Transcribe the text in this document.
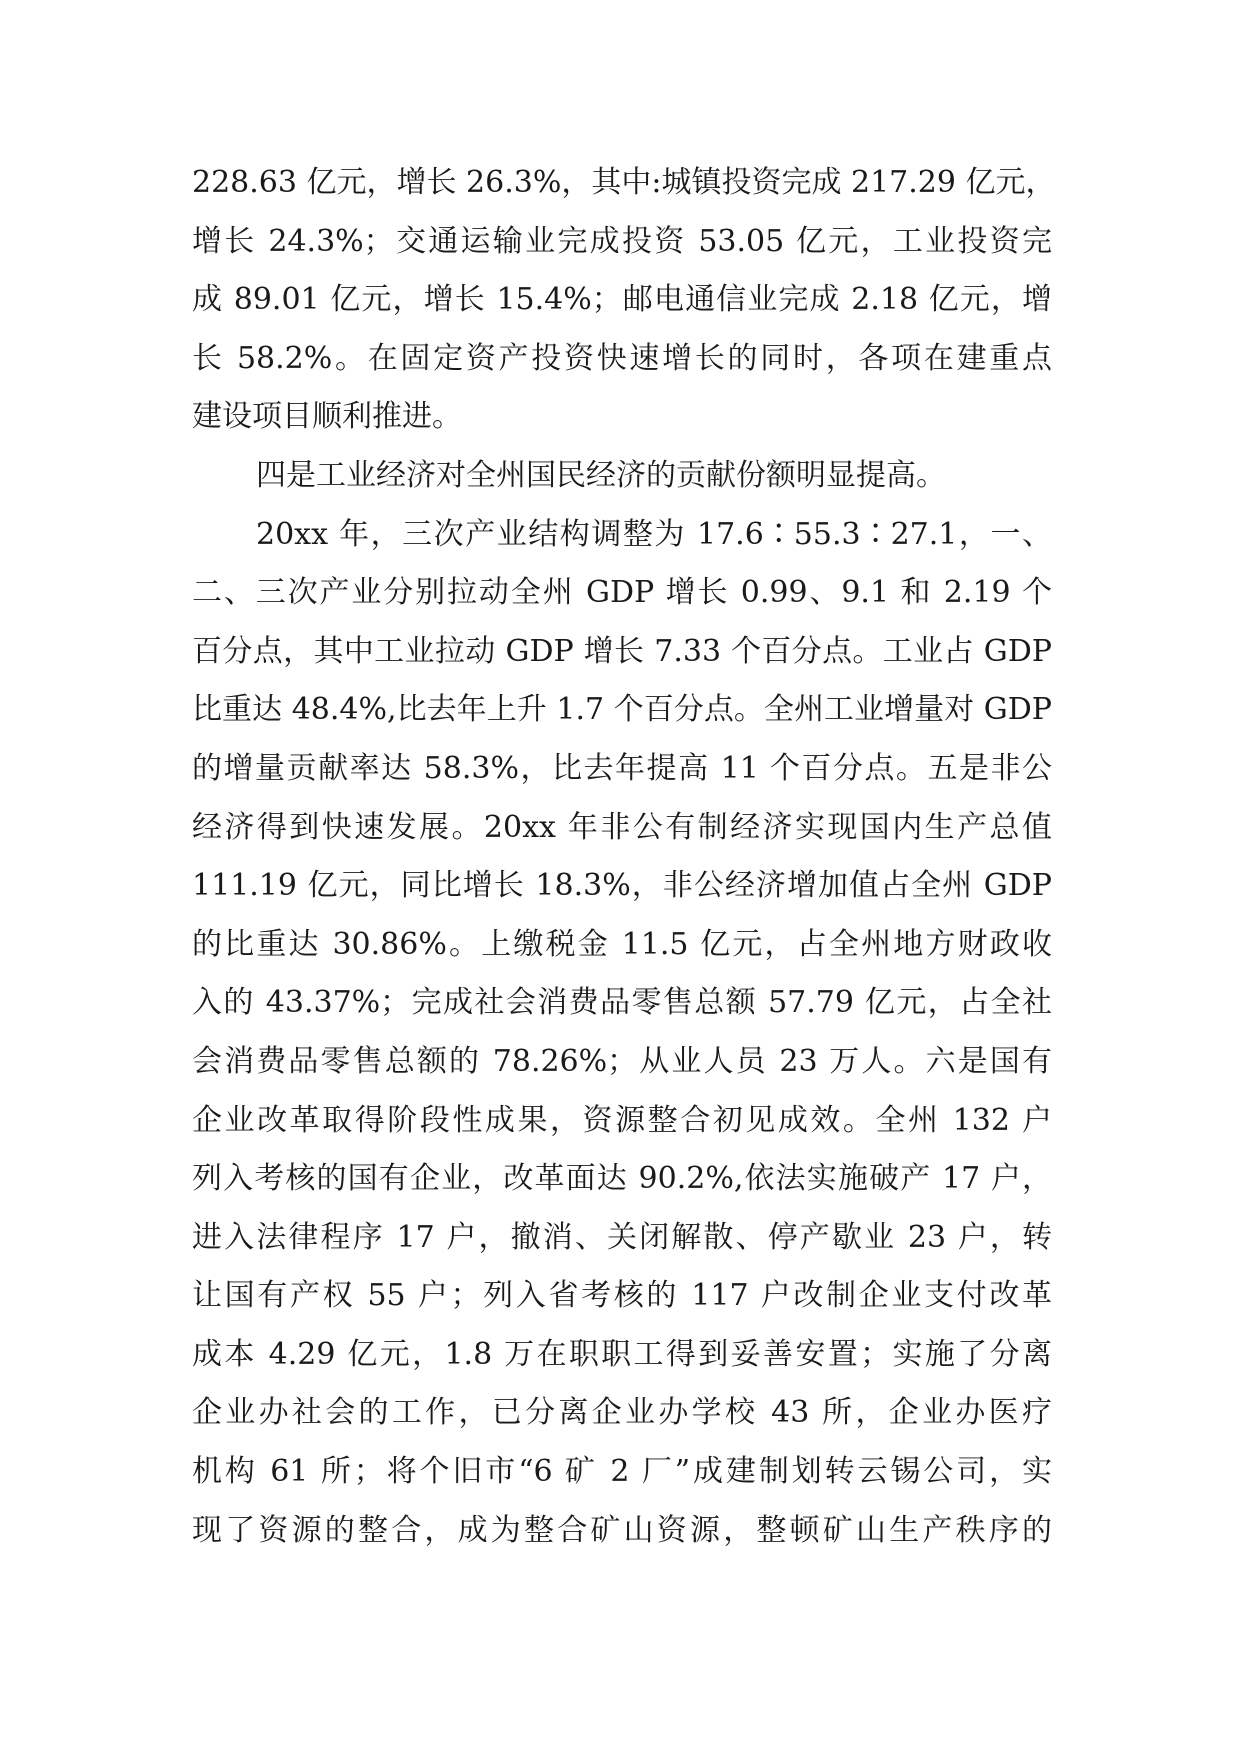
228.63 亿元，增长 26.3%，其中:城镇投资完成 217.29 亿元，
增长 24.3%；交通运输业完成投资 53.05 亿元，工业投资完
成 89.01 亿元，增长 15.4%；邮电通信业完成 2.18 亿元，增
长 58.2%。在固定资产投资快速增长的同时，各项在建重点
建设项目顺利推进。
四是工业经济对全州国民经济的贡献份额明显提高。
20xx 年，三次产业结构调整为 17.6∶55.3∶27.1，一、
二、三次产业分别拉动全州 GDP 增长 0.99、9.1 和 2.19 个
百分点，其中工业拉动 GDP 增长 7.33 个百分点。工业占 GDP
比重达 48.4%,比去年上升 1.7 个百分点。全州工业增量对 GDP
的增量贡献率达 58.3%，比去年提高 11 个百分点。五是非公
经济得到快速发展。20xx 年非公有制经济实现国内生产总值
111.19 亿元，同比增长 18.3%，非公经济增加值占全州 GDP
的比重达 30.86%。上缴税金 11.5 亿元，占全州地方财政收
入的 43.37%；完成社会消费品零售总额 57.79 亿元，占全社
会消费品零售总额的 78.26%；从业人员 23 万人。六是国有
企业改革取得阶段性成果，资源整合初见成效。全州 132 户
列入考核的国有企业，改革面达 90.2%,依法实施破产 17 户，
进入法律程序 17 户，撤消、关闭解散、停产歇业 23 户，转
让国有产权 55 户；列入省考核的 117 户改制企业支付改革
成本 4.29 亿元，1.8 万在职职工得到妥善安置；实施了分离
企业办社会的工作，已分离企业办学校 43 所，企业办医疗
机构 61 所；将个旧市“6 矿 2 厂”成建制划转云锡公司，实
现了资源的整合，成为整合矿山资源，整顿矿山生产秩序的
